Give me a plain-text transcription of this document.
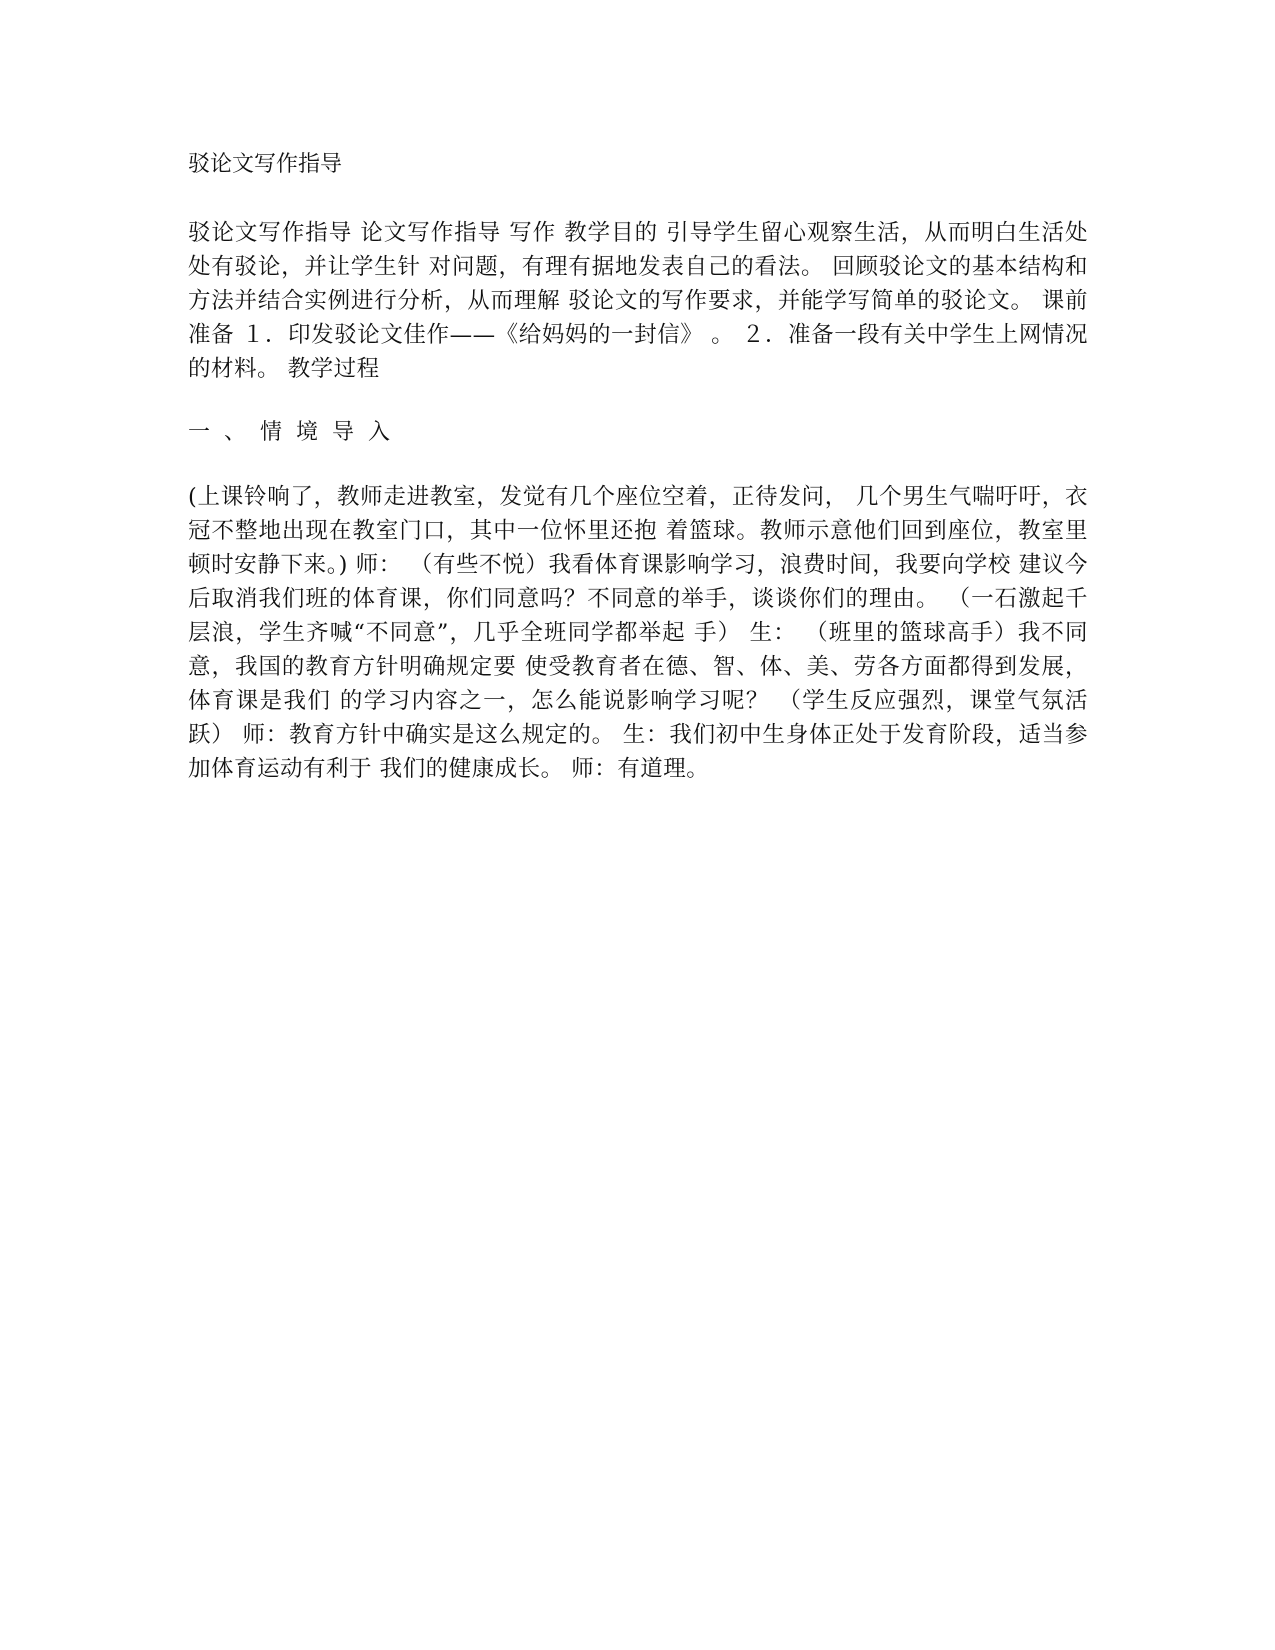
驳论文写作指导

驳论文写作指导 论文写作指导 写作 教学目的 引导学生留心观察生活，从而明白生活处处有驳论，并让学生针 对问题，有理有据地发表自己的看法。 回顾驳论文的基本结构和方法并结合实例进行分析，从而理解 驳论文的写作要求，并能学写简单的驳论文。 课前准备 １．印发驳论文佳作——《给妈妈的一封信》 。 ２．准备一段有关中学生上网情况的材料。 教学过程

一、情境导入

(上课铃响了，教师走进教室，发觉有几个座位空着，正待发问， 几个男生气喘吁吁，衣冠不整地出现在教室门口，其中一位怀里还抱 着篮球。教师示意他们回到座位，教室里顿时安静下来。) 师： （有些不悦）我看体育课影响学习，浪费时间，我要向学校 建议今后取消我们班的体育课，你们同意吗？不同意的举手，谈谈你们的理由。 （一石激起千层浪，学生齐喊“不同意”，几乎全班同学都举起 手） 生： （班里的篮球高手）我不同意，我国的教育方针明确规定要 使受教育者在德、智、体、美、劳各方面都得到发展，体育课是我们 的学习内容之一，怎么能说影响学习呢？ （学生反应强烈，课堂气氛活跃） 师：教育方针中确实是这么规定的。 生：我们初中生身体正处于发育阶段，适当参加体育运动有利于 我们的健康成长。 师：有道理。
